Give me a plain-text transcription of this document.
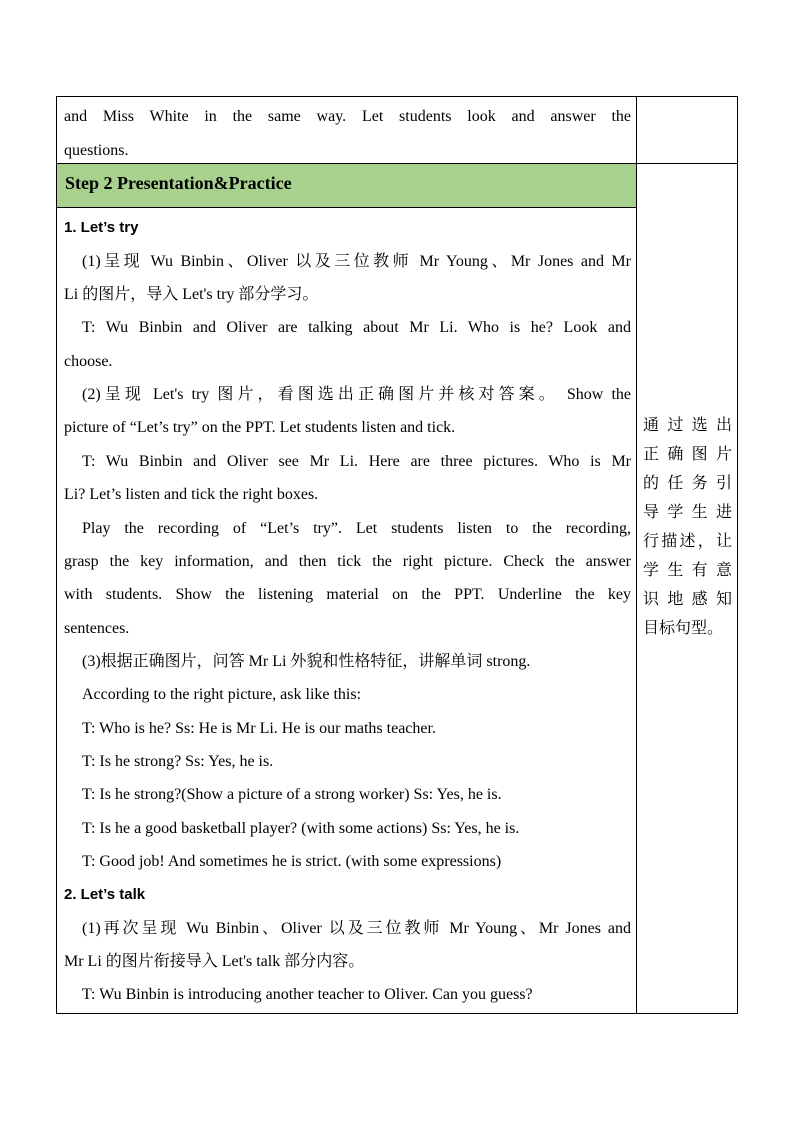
and Miss White in the same way. Let students look and answer the
questions.
Step 2 Presentation&Practice
1. Let’s try
(1)呈现 Wu Binbin、Oliver 以及三位教师 Mr Young、Mr Jones and Mr
Li 的图片，导入 Let's try 部分学习。
T: Wu Binbin and Oliver are talking about Mr Li. Who is he? Look and
choose.
(2)呈现 Let's try 图片，看图选出正确图片并核对答案。 Show the
picture of “Let’s try” on the PPT. Let students listen and tick.
T: Wu Binbin and Oliver see Mr Li. Here are three pictures. Who is Mr
Li? Let’s listen and tick the right boxes.
Play the recording of “Let’s try”. Let students listen to the recording,
grasp the key information, and then tick the right picture. Check the answer
with students. Show the listening material on the PPT. Underline the key
sentences.
(3)根据正确图片，问答 Mr Li 外貌和性格特征，讲解单词 strong.
According to the right picture, ask like this:
T: Who is he? Ss: He is Mr Li. He is our maths teacher.
T: Is he strong? Ss: Yes, he is.
T: Is he strong?(Show a picture of a strong worker) Ss: Yes, he is.
T: Is he a good basketball player? (with some actions) Ss: Yes, he is.
T: Good job! And sometimes he is strict. (with some expressions)
2. Let’s talk
(1)再次呈现 Wu Binbin、Oliver 以及三位教师 Mr Young、Mr Jones and
Mr Li 的图片衔接导入 Let's talk 部分内容。
T: Wu Binbin is introducing another teacher to Oliver. Can you guess?
通过选出
正确图片
的任务引
导学生进
行描述，让
学生有意
识地感知
目标句型。
